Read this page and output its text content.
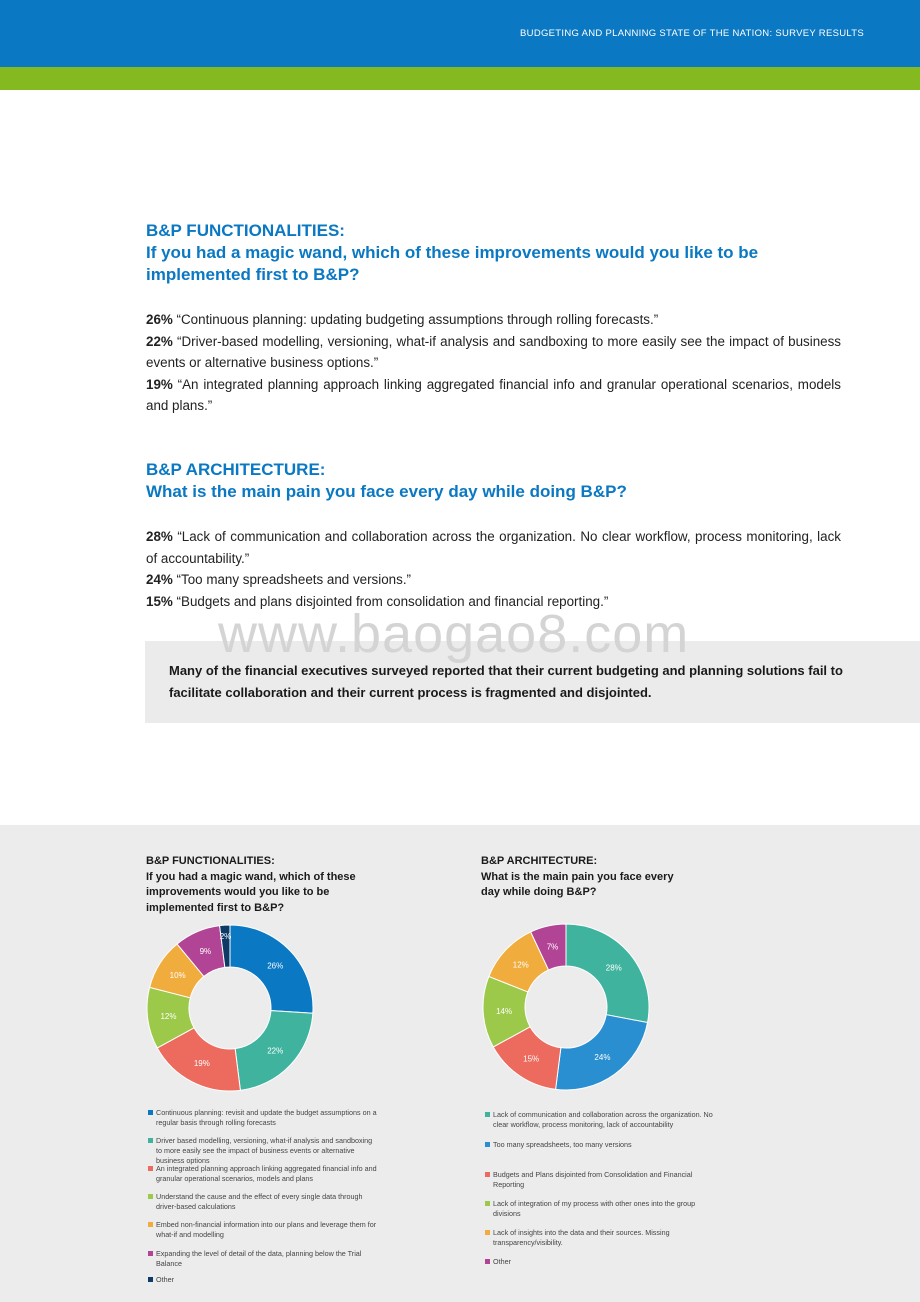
BUDGETING AND PLANNING STATE OF THE NATION: SURVEY RESULTS
B&P FUNCTIONALITIES:
If you had a magic wand, which of these improvements would you like to be implemented first to B&P?

26% “Continuous planning: updating budgeting assumptions through rolling forecasts.”

22% “Driver-based modelling, versioning, what-if analysis and sandboxing to more easily see the impact of business events or alternative business options.”

19% “An integrated planning approach linking aggregated financial info and granular operational scenarios, models and plans.”

B&P ARCHITECTURE:
What is the main pain you face every day while doing B&P?

28% “Lack of communication and collaboration across the organization. No clear workflow, process monitoring, lack of accountability.”

24% “Too many spreadsheets and versions.”

15% “Budgets and plans disjointed from consolidation and financial reporting.”

Many of the financial executives surveyed reported that their current budgeting and planning solutions fail to facilitate collaboration and their current process is fragmented and disjointed.
www.baogao8.com
B&P FUNCTIONALITIES:
If you had a magic wand, which of these improvements would you like to be implemented first to B&P?
26%
22%
19%
12%
10%
9%
2%
Continuous planning: revisit and update the budget assumptions on a regular basis through rolling forecasts
Driver based modelling, versioning, what-if analysis and sandboxing to more easily see the impact of business events or alternative business options
An integrated planning approach linking aggregated financial info and granular operational scenarios, models and plans
Understand the cause and the effect of every single data through driver-based calculations
Embed non-financial information into our plans and leverage them for what-if and modelling
Expanding the level of detail of the data, planning below the Trial Balance
Other
B&P ARCHITECTURE:
What is the main pain you face every day while doing B&P?
28%
24%
15%
14%
12%
7%
Lack of communication and collaboration across the organization. No clear workflow, process monitoring, lack of accountability
Too many spreadsheets, too many versions
Budgets and Plans disjointed from Consolidation and Financial Reporting
Lack of integration of my process with other ones into the group divisions
Lack of insights into the data and their sources. Missing transparency/visibility.
Other
